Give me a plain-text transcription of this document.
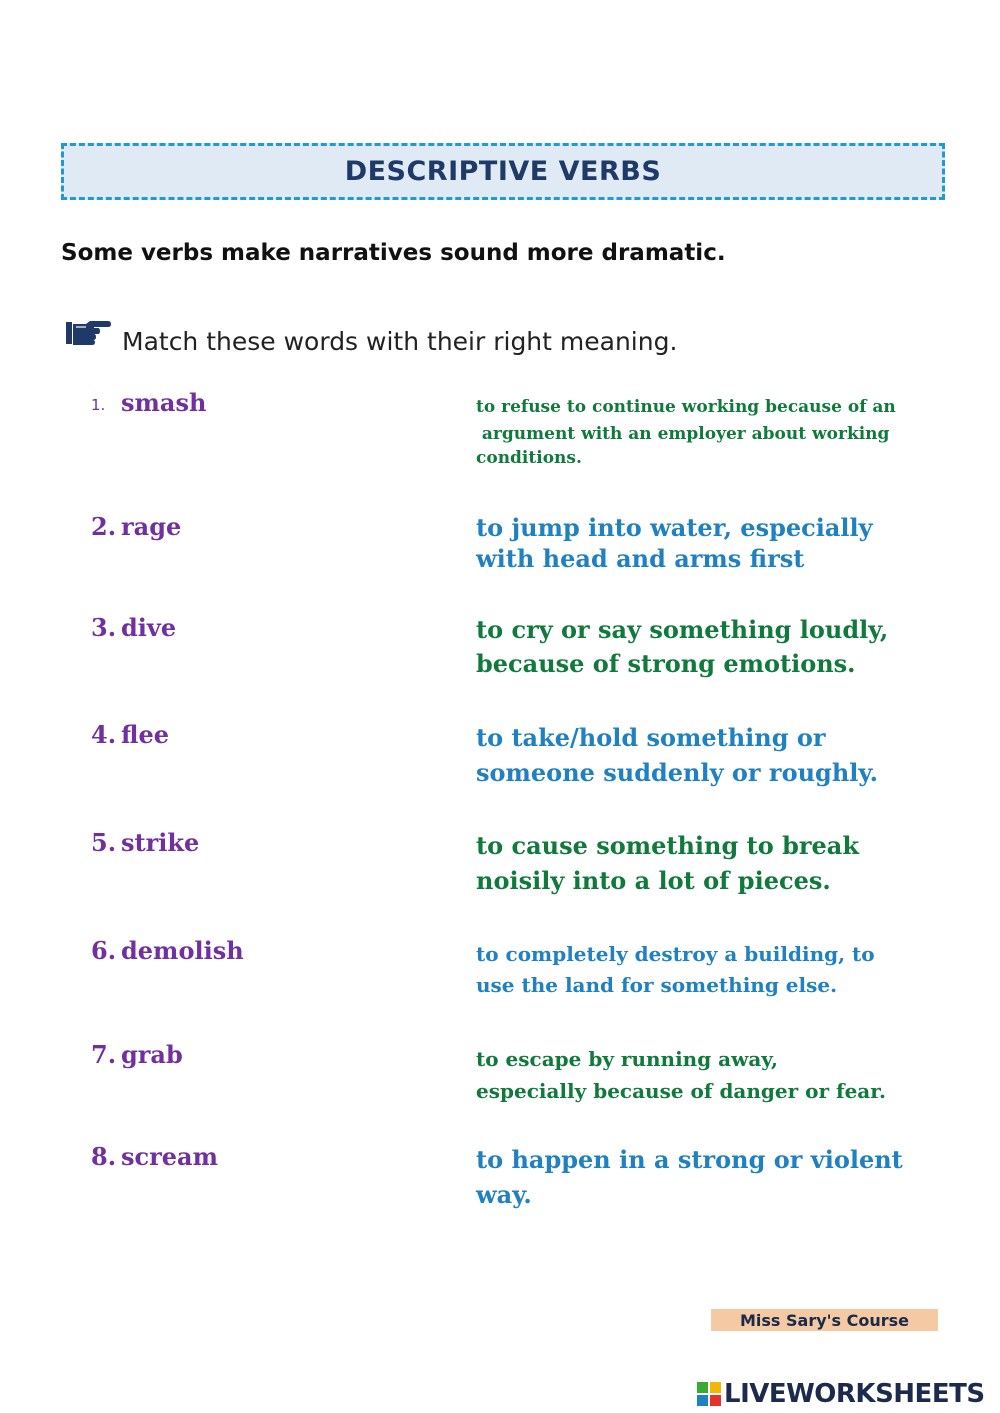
DESCRIPTIVE VERBS
Some verbs make narratives sound more dramatic.
Match these words with their right meaning.
1. smash	to refuse to continue working because of an
argument with an employer about working
conditions.
2. rage	to jump into water, especially
with head and arms first
3. dive	to cry or say something loudly,
because of strong emotions.
4. flee	to take/hold something or
someone suddenly or roughly.
5. strike	to cause something to break
noisily into a lot of pieces.
6. demolish	to completely destroy a building, to
use the land for something else.
7. grab	to escape by running away,
especially because of danger or fear.
8. scream	to happen in a strong or violent
way.
Miss Sary's Course
LIVEWORKSHEETS
